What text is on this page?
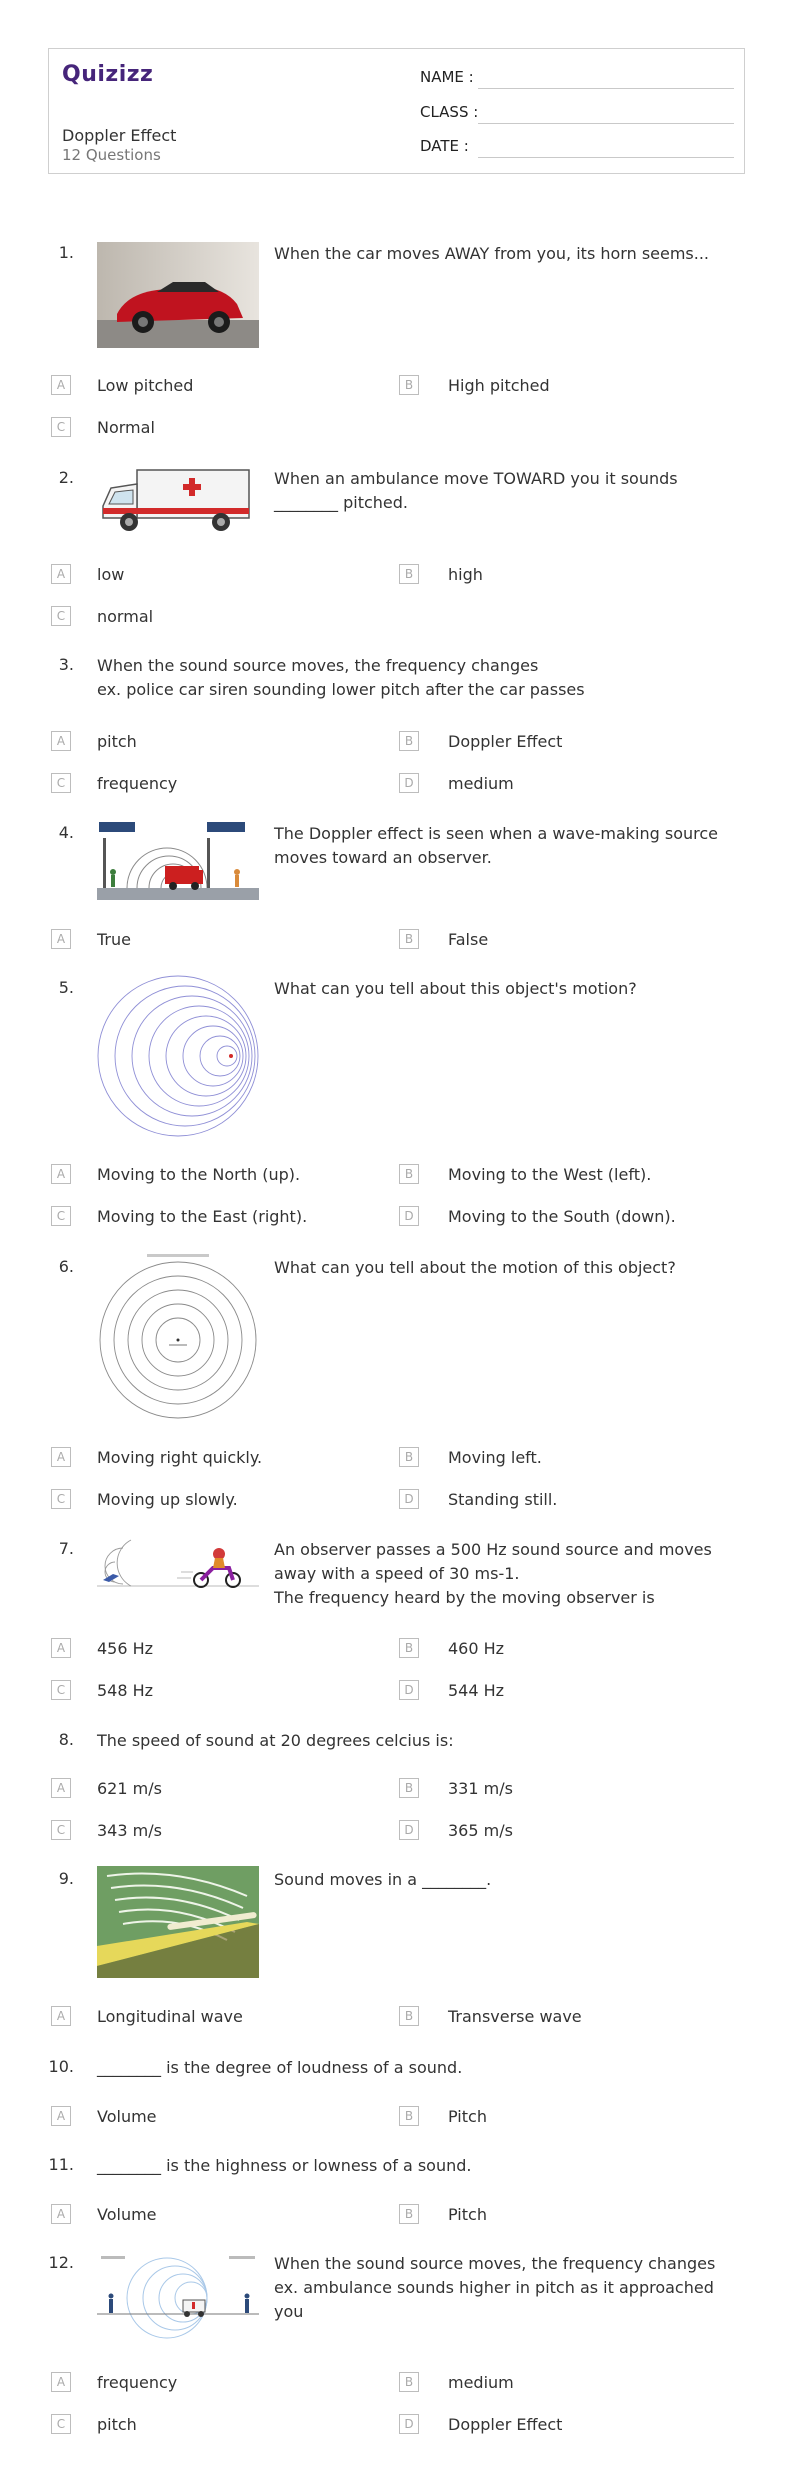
Quizizz
Doppler Effect
12 Questions
NAME :
CLASS :
DATE :
1.	When the car moves AWAY from you, its horn seems...
A	Low pitched	B	High pitched
C	Normal
2.	When an ambulance move TOWARD you it sounds ________ pitched.
A	low	B	high
C	normal
3. When the sound source moves, the frequency changes
ex. police car siren sounding lower pitch after the car passes
A	pitch	B	Doppler Effect
C	frequency	D	medium
4.	The Doppler effect is seen when a wave-making source moves toward an observer.
A	True	B	False
5.	What can you tell about this object's motion?
A	Moving to the North (up).	B	Moving to the West (left).
C	Moving to the East (right).	D	Moving to the South (down).
6.	What can you tell about the motion of this object?
A	Moving right quickly.	B	Moving left.
C	Moving up slowly.	D	Standing still.
7.	An observer passes a 500 Hz sound source and moves away with a speed of 30 ms-1.
The frequency heard by the moving observer is
A	456 Hz	B	460 Hz
C	548 Hz	D	544 Hz
8. The speed of sound at 20 degrees celcius is:
A	621 m/s	B	331 m/s
C	343 m/s	D	365 m/s
9.	Sound moves in a ________.
A	Longitudinal wave	B	Transverse wave
10. ________ is the degree of loudness of a sound.
A	Volume	B	Pitch
11. ________ is the highness or lowness of a sound.
A	Volume	B	Pitch
12.	When the sound source moves, the frequency changes
ex. ambulance sounds higher in pitch as it approached you
A	frequency	B	medium
C	pitch	D	Doppler Effect
